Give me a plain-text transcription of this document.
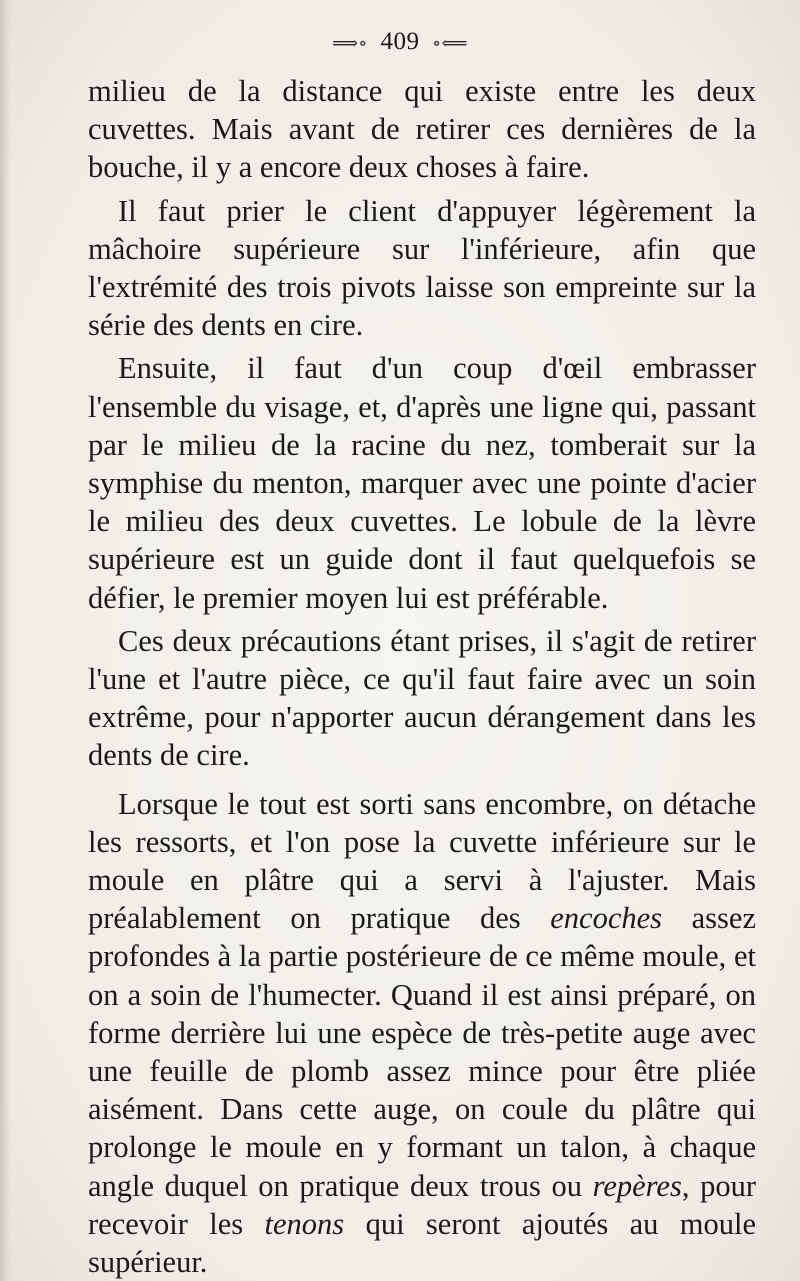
⟹∘ 409 ∘⟸

milieu de la distance qui existe entre les deux cuvettes. Mais avant de retirer ces dernières de la bouche, il y a encore deux choses à faire.

Il faut prier le client d'appuyer légèrement la mâchoire supérieure sur l'inférieure, afin que l'extrémité des trois pivots laisse son empreinte sur la série des dents en cire.

Ensuite, il faut d'un coup d'œil embrasser l'ensemble du visage, et, d'après une ligne qui, passant par le milieu de la racine du nez, tomberait sur la symphise du menton, marquer avec une pointe d'acier le milieu des deux cuvettes. Le lobule de la lèvre supérieure est un guide dont il faut quelquefois se défier, le premier moyen lui est préférable.

Ces deux précautions étant prises, il s'agit de retirer l'une et l'autre pièce, ce qu'il faut faire avec un soin extrême, pour n'apporter aucun dérangement dans les dents de cire.

Lorsque le tout est sorti sans encombre, on détache les ressorts, et l'on pose la cuvette inférieure sur le moule en plâtre qui a servi à l'ajuster. Mais préalablement on pratique des encoches assez profondes à la partie postérieure de ce même moule, et on a soin de l'humecter. Quand il est ainsi préparé, on forme derrière lui une espèce de très-petite auge avec une feuille de plomb assez mince pour être pliée aisément. Dans cette auge, on coule du plâtre qui prolonge le moule en y formant un talon, à chaque angle duquel on pratique deux trous ou repères, pour recevoir les tenons qui seront ajoutés au moule supérieur.
